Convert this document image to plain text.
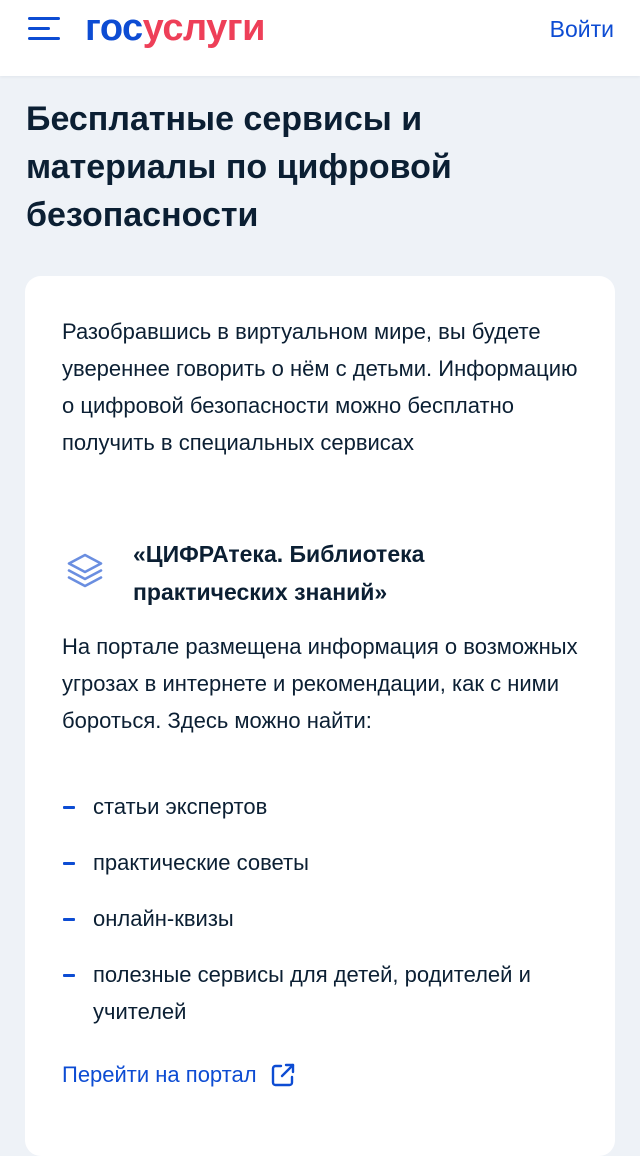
госуслуги	Войти
Бесплатные сервисы и материалы по цифровой безопасности

Разобравшись в виртуальном мире, вы будете увереннее говорить о нём с детьми. Информацию о цифровой безопасности можно бесплатно получить в специальных сервисах

«ЦИФРАтека. Библиотека практических знаний»

На портале размещена информация о возможных угрозах в интернете и рекомендации, как с ними бороться. Здесь можно найти:

статьи экспертов
практические советы
онлайн-квизы
полезные сервисы для детей, родителей и учителей
Перейти на портал
